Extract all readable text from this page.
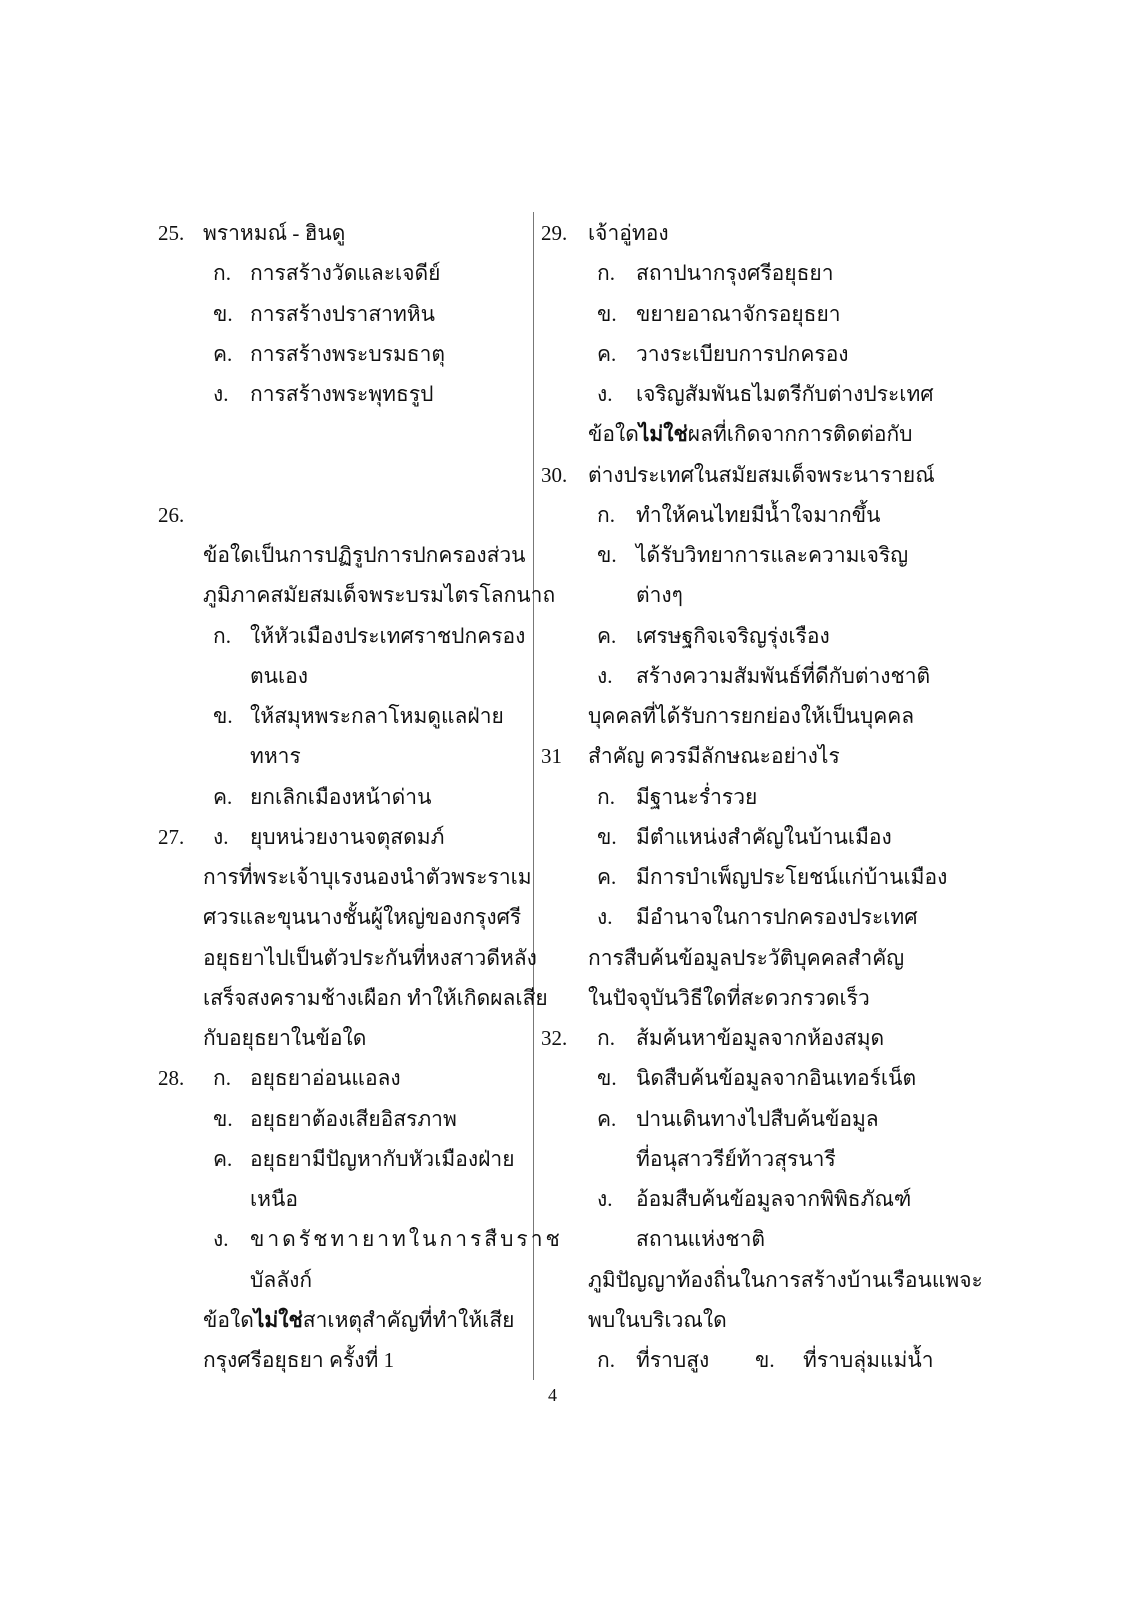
4
25. พราหมณ์ - ฮินดู
ก. การสร้างวัดและเจดีย์
ข. การสร้างปราสาทหิน
ค. การสร้างพระบรมธาตุ
ง. การสร้างพระพุทธรูป
26.
ข้อใดเป็นการปฏิรูปการปกครองส่วน
ภูมิภาคสมัยสมเด็จพระบรมไตรโลกนาถ
ก. ให้หัวเมืองประเทศราชปกครอง
ตนเอง
ข. ให้สมุหพระกลาโหมดูแลฝ่าย
ทหาร
ค. ยกเลิกเมืองหน้าด่าน
27. ง. ยุบหน่วยงานจตุสดมภ์
การที่พระเจ้าบุเรงนองนำตัวพระราเม
ศวรและขุนนางชั้นผู้ใหญ่ของกรุงศรี
อยุธยาไปเป็นตัวประกันที่หงสาวดีหลัง
เสร็จสงครามช้างเผือก ทำให้เกิดผลเสีย
กับอยุธยาในข้อใด
28. ก. อยุธยาอ่อนแอลง
ข. อยุธยาต้องเสียอิสรภาพ
ค. อยุธยามีปัญหากับหัวเมืองฝ่าย
เหนือ
ง. ขาดรัชทายาทในการสืบราช
บัลลังก์
ข้อใดไม่ใช่สาเหตุสำคัญที่ทำให้เสีย
กรุงศรีอยุธยา ครั้งที่ 1
29. เจ้าอู่ทอง
ก. สถาปนากรุงศรีอยุธยา
ข. ขยายอาณาจักรอยุธยา
ค. วางระเบียบการปกครอง
ง. เจริญสัมพันธไมตรีกับต่างประเทศ
ข้อใดไม่ใช่ผลที่เกิดจากการติดต่อกับ
30. ต่างประเทศในสมัยสมเด็จพระนารายณ์
ก. ทำให้คนไทยมีน้ำใจมากขึ้น
ข. ได้รับวิทยาการและความเจริญ
ต่างๆ
ค. เศรษฐกิจเจริญรุ่งเรือง
ง. สร้างความสัมพันธ์ที่ดีกับต่างชาติ
บุคคลที่ได้รับการยกย่องให้เป็นบุคคล
31 สำคัญ ควรมีลักษณะอย่างไร
ก. มีฐานะร่ำรวย
ข. มีตำแหน่งสำคัญในบ้านเมือง
ค. มีการบำเพ็ญประโยชน์แก่บ้านเมือง
ง. มีอำนาจในการปกครองประเทศ
การสืบค้นข้อมูลประวัติบุคคลสำคัญ
ในปัจจุบันวิธีใดที่สะดวกรวดเร็ว
32. ก. ส้มค้นหาข้อมูลจากห้องสมุด
ข. นิดสืบค้นข้อมูลจากอินเทอร์เน็ต
ค. ปานเดินทางไปสืบค้นข้อมูล
ที่อนุสาวรีย์ท้าวสุรนารี
ง. อ้อมสืบค้นข้อมูลจากพิพิธภัณฑ์
สถานแห่งชาติ
ภูมิปัญญาท้องถิ่นในการสร้างบ้านเรือนแพจะ
พบในบริเวณใด
ก. ที่ราบสูง ข. ที่ราบลุ่มแม่น้ำ
